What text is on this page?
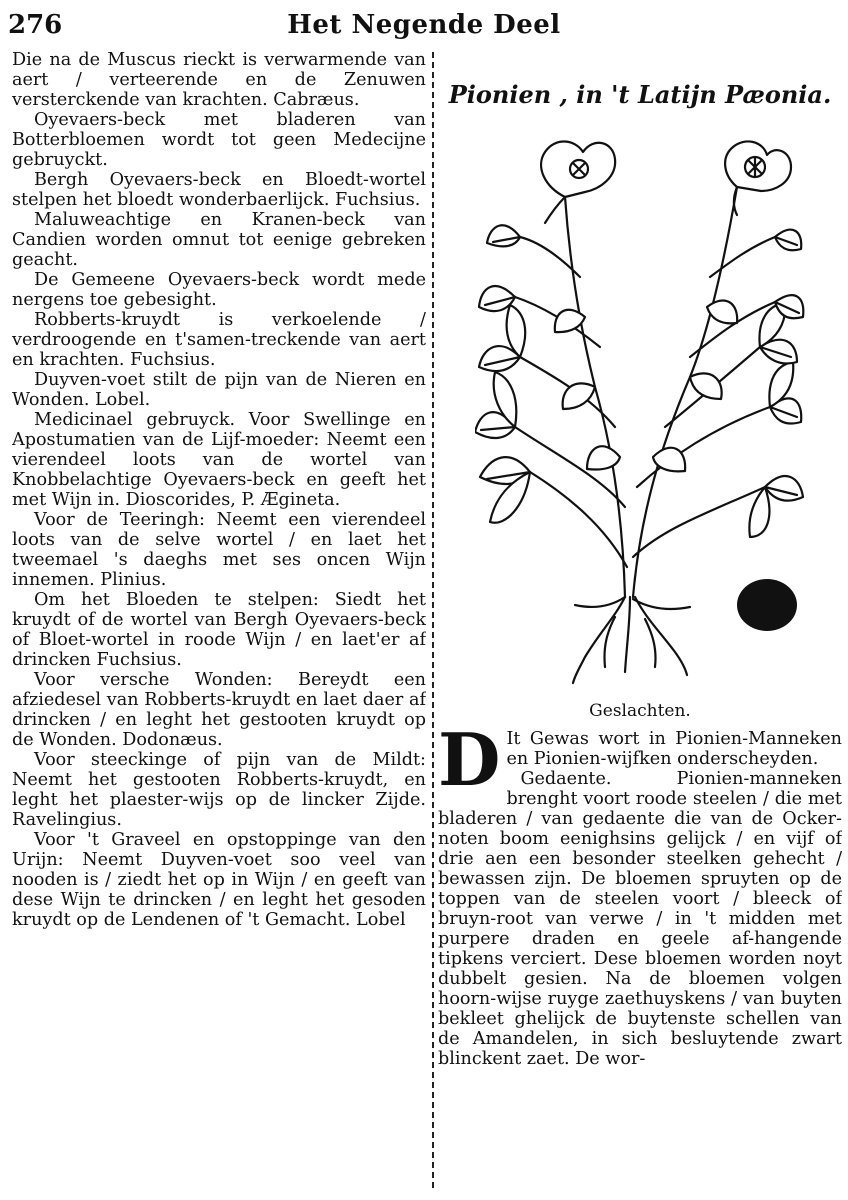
276	Het Negende Deel

Die na de Muscus rieckt is verwarmende van aert / verteerende en de Zenuwen versterckende van krachten. Cabræus.

Oyevaers-beck met bladeren van Botterbloemen wordt tot geen Medecijne gebruyckt.

Bergh Oyevaers-beck en Bloedt-wortel stelpen het bloedt wonderbaerlijck. Fuchsius.

Maluweachtige en Kranen-beck van Candien worden omnut tot eenige gebreken geacht.

De Gemeene Oyevaers-beck wordt mede nergens toe gebesight.

Robberts-kruydt is verkoelende / verdroogende en t'samen-treckende van aert en krachten. Fuchsius.

Duyven-voet stilt de pijn van de Nieren en Wonden. Lobel.

Medicinael gebruyck. Voor Swellinge en Apostumatien van de Lijf-moeder: Neemt een vierendeel loots van de wortel van Knobbelachtige Oyevaers-beck en geeft het met Wijn in. Dioscorides, P. Ægineta.

Voor de Teeringh: Neemt een vierendeel loots van de selve wortel / en laet het tweemael 's daeghs met ses oncen Wijn innemen. Plinius.

Om het Bloeden te stelpen: Siedt het kruydt of de wortel van Bergh Oyevaers-beck of Bloet-wortel in roode Wijn / en laet'er af drincken Fuchsius.

Voor versche Wonden: Bereydt een afziedesel van Robberts-kruydt en laet daer af drincken / en leght het gestooten kruydt op de Wonden. Dodonæus.

Voor steeckinge of pijn van de Mildt: Neemt het gestooten Robberts-kruydt, en leght het plaester-wijs op de lincker Zijde. Ravelingius.

Voor 't Graveel en opstoppinge van den Urijn: Neemt Duyven-voet soo veel van nooden is / ziedt het op in Wijn / en geeft van dese Wijn te drincken / en leght het gesoden kruydt op de Lendenen of 't Gemacht. Lobel

Pionien , in 't Latijn Pæonia.
Geslachten.

D It Gewas wort in Pionien-Manneken en Pionien-wijfken onderscheyden.

Gedaente. Pionien-manneken brenght voort roode steelen / die met bladeren / van gedaente die van de Ocker-noten boom eenighsins gelijck / en vijf of drie aen een besonder steelken gehecht / bewassen zijn. De bloemen spruyten op de toppen van de steelen voort / bleeck of bruyn-root van verwe / in 't midden met purpere draden en geele af-hangende tipkens verciert. Dese bloemen worden noyt dubbelt gesien. Na de bloemen volgen hoorn-wijse ruyge zaethuyskens / van buyten bekleet ghelijck de buytenste schellen van de Amandelen, in sich besluytende zwart blinckent zaet. De wor-
